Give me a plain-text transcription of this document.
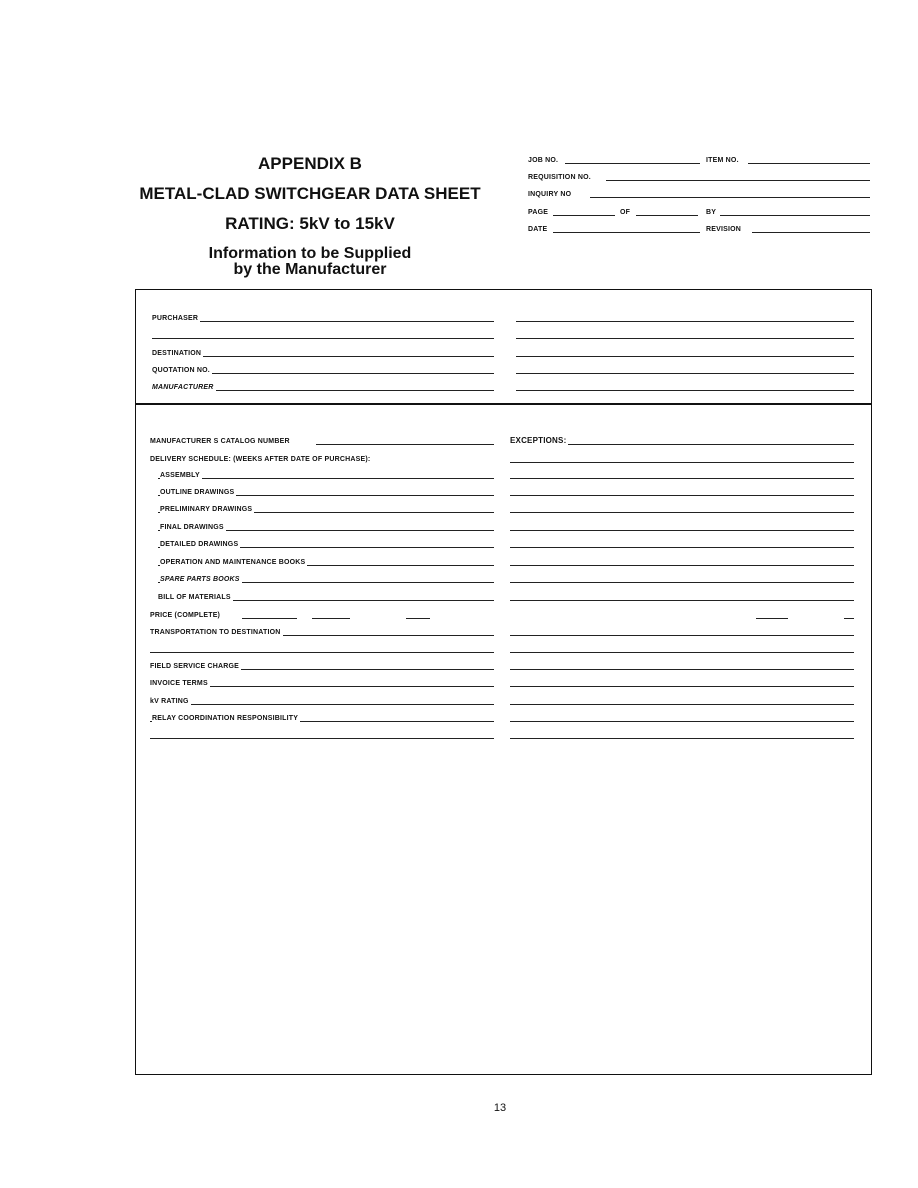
APPENDIX B
METAL-CLAD SWITCHGEAR DATA SHEET
RATING: 5kV to 15kV
Information to be Supplied
by the Manufacturer
JOB NO.	ITEM NO.
REQUISITION NO.
INQUIRY NO
PAGE	OF	BY
DATE	REVISION
PURCHASER
DESTINATION
QUOTATION NO.
MANUFACTURER
MANUFACTURER S CATALOG NUMBER
DELIVERY SCHEDULE: (WEEKS AFTER DATE OF PURCHASE):
ASSEMBLY
OUTLINE DRAWINGS
PRELIMINARY DRAWINGS
FINAL DRAWINGS
DETAILED DRAWINGS
OPERATION AND MAINTENANCE BOOKS
SPARE PARTS BOOKS
BILL OF MATERIALS
PRICE (COMPLETE)
TRANSPORTATION TO DESTINATION
FIELD SERVICE CHARGE
INVOICE TERMS
kV RATING
RELAY COORDINATION RESPONSIBILITY
EXCEPTIONS:
13
